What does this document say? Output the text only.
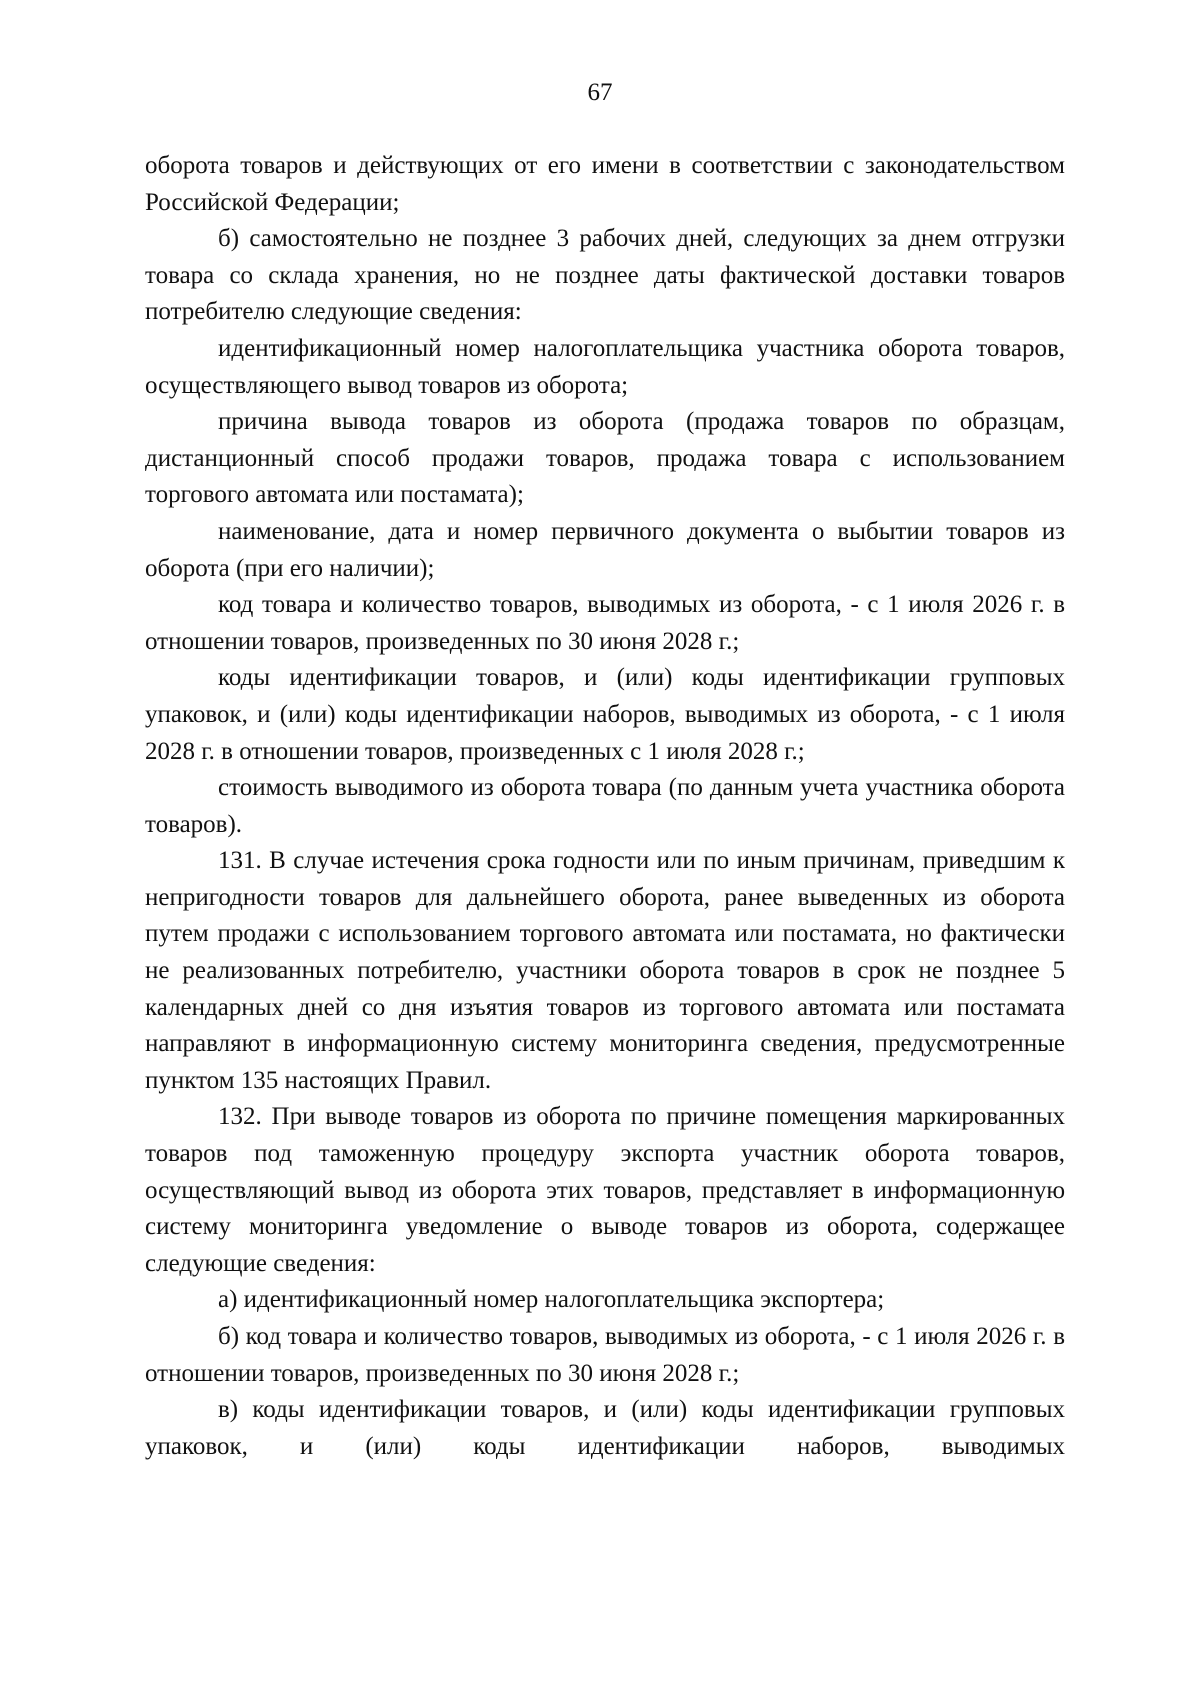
67

оборота товаров и действующих от его имени в соответствии с законодательством Российской Федерации;

б) самостоятельно не позднее 3 рабочих дней, следующих за днем отгрузки товара со склада хранения, но не позднее даты фактической доставки товаров потребителю следующие сведения:

идентификационный номер налогоплательщика участника оборота товаров, осуществляющего вывод товаров из оборота;

причина вывода товаров из оборота (продажа товаров по образцам, дистанционный способ продажи товаров, продажа товара с использованием торгового автомата или постамата);

наименование, дата и номер первичного документа о выбытии товаров из оборота (при его наличии);

код товара и количество товаров, выводимых из оборота, - с 1 июля 2026 г. в отношении товаров, произведенных по 30 июня 2028 г.;

коды идентификации товаров, и (или) коды идентификации групповых упаковок, и (или) коды идентификации наборов, выводимых из оборота, - с 1 июля 2028 г. в отношении товаров, произведенных с 1 июля 2028 г.;

стоимость выводимого из оборота товара (по данным учета участника оборота товаров).

131. В случае истечения срока годности или по иным причинам, приведшим к непригодности товаров для дальнейшего оборота, ранее выведенных из оборота путем продажи с использованием торгового автомата или постамата, но фактически не реализованных потребителю, участники оборота товаров в срок не позднее 5 календарных дней со дня изъятия товаров из торгового автомата или постамата направляют в информационную систему мониторинга сведения, предусмотренные пунктом 135 настоящих Правил.

132. При выводе товаров из оборота по причине помещения маркированных товаров под таможенную процедуру экспорта участник оборота товаров, осуществляющий вывод из оборота этих товаров, представляет в информационную систему мониторинга уведомление о выводе товаров из оборота, содержащее следующие сведения:

а) идентификационный номер налогоплательщика экспортера;

б) код товара и количество товаров, выводимых из оборота, - с 1 июля 2026 г. в отношении товаров, произведенных по 30 июня 2028 г.;

в) коды идентификации товаров, и (или) коды идентификации групповых упаковок, и (или) коды идентификации наборов, выводимых
